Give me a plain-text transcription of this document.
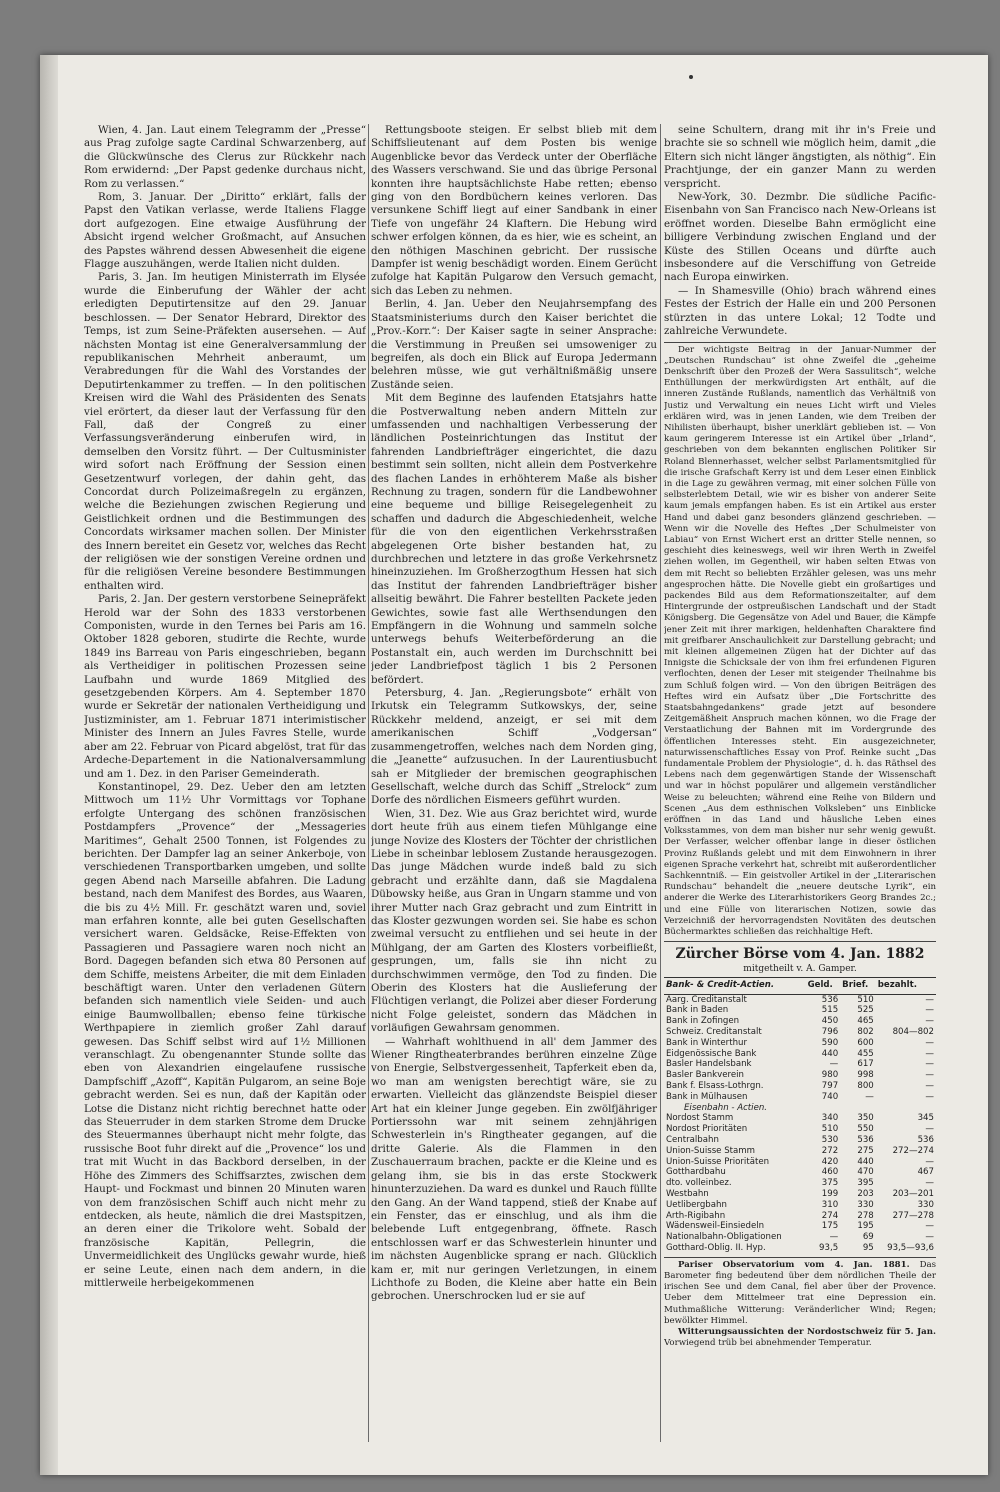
Wien, 4. Jan. Laut einem Telegramm der „Presse“ aus Prag zufolge sagte Cardinal Schwarzenberg, auf die Glückwünsche des Clerus zur Rückkehr nach Rom erwidernd: „Der Papst gedenke durchaus nicht, Rom zu verlassen.“

Rom, 3. Januar. Der „Diritto“ erklärt, falls der Papst den Vatikan verlasse, werde Italiens Flagge dort aufgezogen. Eine etwaige Ausführung der Absicht irgend welcher Großmacht, auf Ansuchen des Papstes während dessen Abwesenheit die eigene Flagge auszuhängen, werde Italien nicht dulden.

Paris, 3. Jan. Im heutigen Ministerrath im Elysée wurde die Einberufung der Wähler der acht erledigten Deputirtensitze auf den 29. Januar beschlossen. — Der Senator Hebrard, Direktor des Temps, ist zum Seine-Präfekten ausersehen. — Auf nächsten Montag ist eine Generalversammlung der republikanischen Mehrheit anberaumt, um Verabredungen für die Wahl des Vorstandes der Deputirtenkammer zu treffen. — In den politischen Kreisen wird die Wahl des Präsidenten des Senats viel erörtert, da dieser laut der Verfassung für den Fall, daß der Congreß zu einer Verfassungsveränderung einberufen wird, in demselben den Vorsitz führt. — Der Cultusminister wird sofort nach Eröffnung der Session einen Gesetzentwurf vorlegen, der dahin geht, das Concordat durch Polizeimaßregeln zu ergänzen, welche die Beziehungen zwischen Regierung und Geistlichkeit ordnen und die Bestimmungen des Concordats wirksamer machen sollen. Der Minister des Innern bereitet ein Gesetz vor, welches das Recht der religiösen wie der sonstigen Vereine ordnen und für die religiösen Vereine besondere Bestimmungen enthalten wird.

Paris, 2. Jan. Der gestern verstorbene Seinepräfekt Herold war der Sohn des 1833 verstorbenen Componisten, wurde in den Ternes bei Paris am 16. Oktober 1828 geboren, studirte die Rechte, wurde 1849 ins Barreau von Paris eingeschrieben, begann als Vertheidiger in politischen Prozessen seine Laufbahn und wurde 1869 Mitglied des gesetzgebenden Körpers. Am 4. September 1870 wurde er Sekretär der nationalen Vertheidigung und Justizminister, am 1. Februar 1871 interimistischer Minister des Innern an Jules Favres Stelle, wurde aber am 22. Februar von Picard abgelöst, trat für das Ardeche-Departement in die Nationalversammlung und am 1. Dez. in den Pariser Gemeinderath.

Konstantinopel, 29. Dez. Ueber den am letzten Mittwoch um 11½ Uhr Vormittags vor Tophane erfolgte Untergang des schönen französischen Postdampfers „Provence“ der „Messageries Maritimes“, Gehalt 2500 Tonnen, ist Folgendes zu berichten. Der Dampfer lag an seiner Ankerboje, von verschiedenen Transportbarken umgeben, und sollte gegen Abend nach Marseille abfahren. Die Ladung bestand, nach dem Manifest des Bordes, aus Waaren, die bis zu 4½ Mill. Fr. geschätzt waren und, soviel man erfahren konnte, alle bei guten Gesellschaften versichert waren. Geldsäcke, Reise-Effekten von Passagieren und Passagiere waren noch nicht an Bord. Dagegen befanden sich etwa 80 Personen auf dem Schiffe, meistens Arbeiter, die mit dem Einladen beschäftigt waren. Unter den verladenen Gütern befanden sich namentlich viele Seiden- und auch einige Baumwollballen; ebenso feine türkische Werthpapiere in ziemlich großer Zahl darauf gewesen. Das Schiff selbst wird auf 1½ Millionen veranschlagt. Zu obengenannter Stunde sollte das eben von Alexandrien eingelaufene russische Dampfschiff „Azoff“, Kapitän Pulgarom, an seine Boje gebracht werden. Sei es nun, daß der Kapitän oder Lotse die Distanz nicht richtig berechnet hatte oder das Steuerruder in dem starken Strome dem Drucke des Steuermannes überhaupt nicht mehr folgte, das russische Boot fuhr direkt auf die „Provence“ los und trat mit Wucht in das Backbord derselben, in der Höhe des Zimmers des Schiffsarztes, zwischen dem Haupt- und Fockmast und binnen 20 Minuten waren von dem französischen Schiff auch nicht mehr zu entdecken, als heute, nämlich die drei Mastspitzen, an deren einer die Trikolore weht. Sobald der französische Kapitän, Pellegrin, die Unvermeidlichkeit des Unglücks gewahr wurde, hieß er seine Leute, einen nach dem andern, in die mittlerweile herbeigekommenen

Rettungsboote steigen. Er selbst blieb mit dem Schiffslieutenant auf dem Posten bis wenige Augenblicke bevor das Verdeck unter der Oberfläche des Wassers verschwand. Sie und das übrige Personal konnten ihre hauptsächlichste Habe retten; ebenso ging von den Bordbüchern keines verloren. Das versunkene Schiff liegt auf einer Sandbank in einer Tiefe von ungefähr 24 Klaftern. Die Hebung wird schwer erfolgen können, da es hier, wie es scheint, an den nöthigen Maschinen gebricht. Der russische Dampfer ist wenig beschädigt worden. Einem Gerücht zufolge hat Kapitän Pulgarow den Versuch gemacht, sich das Leben zu nehmen.

Berlin, 4. Jan. Ueber den Neujahrsempfang des Staatsministeriums durch den Kaiser berichtet die „Prov.-Korr.“: Der Kaiser sagte in seiner Ansprache: die Verstimmung in Preußen sei umsoweniger zu begreifen, als doch ein Blick auf Europa Jedermann belehren müsse, wie gut verhältnißmäßig unsere Zustände seien.

Mit dem Beginne des laufenden Etatsjahrs hatte die Postverwaltung neben andern Mitteln zur umfassenden und nachhaltigen Verbesserung der ländlichen Posteinrichtungen das Institut der fahrenden Landbriefträger eingerichtet, die dazu bestimmt sein sollten, nicht allein dem Postverkehre des flachen Landes in erhöhterem Maße als bisher Rechnung zu tragen, sondern für die Landbewohner eine bequeme und billige Reisegelegenheit zu schaffen und dadurch die Abgeschiedenheit, welche für die von den eigentlichen Verkehrsstraßen abgelegenen Orte bisher bestanden hat, zu durchbrechen und letztere in das große Verkehrsnetz hineinzuziehen. Im Großherzogthum Hessen hat sich das Institut der fahrenden Landbriefträger bisher allseitig bewährt. Die Fahrer bestellten Packete jeden Gewichtes, sowie fast alle Werthsendungen den Empfängern in die Wohnung und sammeln solche unterwegs behufs Weiterbeförderung an die Postanstalt ein, auch werden im Durchschnitt bei jeder Landbriefpost täglich 1 bis 2 Personen befördert.

Petersburg, 4. Jan. „Regierungsbote“ erhält von Irkutsk ein Telegramm Sutkowskys, der, seine Rückkehr meldend, anzeigt, er sei mit dem amerikanischen Schiff „Vodgersan“ zusammengetroffen, welches nach dem Norden ging, die „Jeanette“ aufzusuchen. In der Laurentiusbucht sah er Mitglieder der bremischen geographischen Gesellschaft, welche durch das Schiff „Strelock“ zum Dorfe des nördlichen Eismeers geführt wurden.

Wien, 31. Dez. Wie aus Graz berichtet wird, wurde dort heute früh aus einem tiefen Mühlgange eine junge Novize des Klosters der Töchter der christlichen Liebe in scheinbar leblosem Zustande herausgezogen. Das junge Mädchen wurde indeß bald zu sich gebracht und erzählte dann, daß sie Magdalena Dübowsky heiße, aus Gran in Ungarn stamme und von ihrer Mutter nach Graz gebracht und zum Eintritt in das Kloster gezwungen worden sei. Sie habe es schon zweimal versucht zu entfliehen und sei heute in der Mühlgang, der am Garten des Klosters vorbeifließt, gesprungen, um, falls sie ihn nicht zu durchschwimmen vermöge, den Tod zu finden. Die Oberin des Klosters hat die Auslieferung der Flüchtigen verlangt, die Polizei aber dieser Forderung nicht Folge geleistet, sondern das Mädchen in vorläufigen Gewahrsam genommen.

— Wahrhaft wohlthuend in all' dem Jammer des Wiener Ringtheaterbrandes berühren einzelne Züge von Energie, Selbstvergessenheit, Tapferkeit eben da, wo man am wenigsten berechtigt wäre, sie zu erwarten. Vielleicht das glänzendste Beispiel dieser Art hat ein kleiner Junge gegeben. Ein zwölfjähriger Portierssohn war mit seinem zehnjährigen Schwesterlein in's Ringtheater gegangen, auf die dritte Galerie. Als die Flammen in den Zuschauerraum brachen, packte er die Kleine und es gelang ihm, sie bis in das erste Stockwerk hinunterzuziehen. Da ward es dunkel und Rauch füllte den Gang. An der Wand tappend, stieß der Knabe auf ein Fenster, das er einschlug, und als ihm die belebende Luft entgegenbrang, öffnete. Rasch entschlossen warf er das Schwesterlein hinunter und im nächsten Augenblicke sprang er nach. Glücklich kam er, mit nur geringen Verletzungen, in einem Lichthofe zu Boden, die Kleine aber hatte ein Bein gebrochen. Unerschrocken lud er sie auf

seine Schultern, drang mit ihr in's Freie und brachte sie so schnell wie möglich heim, damit „die Eltern sich nicht länger ängstigten, als nöthig“. Ein Prachtjunge, der ein ganzer Mann zu werden verspricht.

New-York, 30. Dezmbr. Die südliche Pacific-Eisenbahn von San Francisco nach New-Orleans ist eröffnet worden. Dieselbe Bahn ermöglicht eine billigere Verbindung zwischen England und der Küste des Stillen Oceans und dürfte auch insbesondere auf die Verschiffung von Getreide nach Europa einwirken.

— In Shamesville (Ohio) brach während eines Festes der Estrich der Halle ein und 200 Personen stürzten in das untere Lokal; 12 Todte und zahlreiche Verwundete.

Der wichtigste Beitrag in der Januar-Nummer der „Deutschen Rundschau“ ist ohne Zweifel die „geheime Denkschrift über den Prozeß der Wera Sassulitsch“, welche Enthüllungen der merkwürdigsten Art enthält, auf die inneren Zustände Rußlands, namentlich das Verhältniß von Justiz und Verwaltung ein neues Licht wirft und Vieles erklären wird, was in jenen Landen, wie dem Treiben der Nihilisten überhaupt, bisher unerklärt geblieben ist. — Von kaum geringerem Interesse ist ein Artikel über „Irland“, geschrieben von dem bekannten englischen Politiker Sir Roland Blennerhasset, welcher selbst Parlamentsmitglied für die irische Grafschaft Kerry ist und dem Leser einen Einblick in die Lage zu gewähren vermag, mit einer solchen Fülle von selbsterlebtem Detail, wie wir es bisher von anderer Seite kaum jemals empfangen haben. Es ist ein Artikel aus erster Hand und dabei ganz besonders glänzend geschrieben. — Wenn wir die Novelle des Heftes „Der Schulmeister von Labiau“ von Ernst Wichert erst an dritter Stelle nennen, so geschieht dies keineswegs, weil wir ihren Werth in Zweifel ziehen wollen, im Gegentheil, wir haben selten Etwas von dem mit Recht so beliebten Erzähler gelesen, was uns mehr angesprochen hätte. Die Novelle giebt ein großartiges und packendes Bild aus dem Reformationszeitalter, auf dem Hintergrunde der ostpreußischen Landschaft und der Stadt Königsberg. Die Gegensätze von Adel und Bauer, die Kämpfe jener Zeit mit ihrer markigen, heldenhaften Charaktere find mit greifbarer Anschaulichkeit zur Darstellung gebracht; und mit kleinen allgemeinen Zügen hat der Dichter auf das Innigste die Schicksale der von ihm frei erfundenen Figuren verflochten, denen der Leser mit steigender Theilnahme bis zum Schluß folgen wird. — Von den übrigen Beiträgen des Heftes wird ein Aufsatz über „Die Fortschritte des Staatsbahngedankens“ grade jetzt auf besondere Zeitgemäßheit Anspruch machen können, wo die Frage der Verstaatlichung der Bahnen mit im Vordergrunde des öffentlichen Interesses steht. Ein ausgezeichneter, naturwissenschaftliches Essay von Prof. Reinke sucht „Das fundamentale Problem der Physiologie“, d. h. das Räthsel des Lebens nach dem gegenwärtigen Stande der Wissenschaft und war in höchst populärer und allgemein verständlicher Weise zu beleuchten; während eine Reihe von Bildern und Scenen „Aus dem esthnischen Volksleben“ uns Einblicke eröffnen in das Land und häusliche Leben eines Volksstammes, von dem man bisher nur sehr wenig gewußt. Der Verfasser, welcher offenbar lange in dieser östlichen Provinz Rußlands gelebt und mit dem Einwohnern in ihrer eigenen Sprache verkehrt hat, schreibt mit außerordentlicher Sachkenntniß. — Ein geistvoller Artikel in der „Literarischen Rundschau“ behandelt die „neuere deutsche Lyrik“, ein anderer die Werke des Literarhistorikers Georg Brandes 2c.; und eine Fülle von literarischen Notizen, sowie das Verzeichniß der hervorragendsten Novitäten des deutschen Büchermarktes schließen das reichhaltige Heft.

Zürcher Börse vom 4. Jan. 1882
mitgetheilt v. A. Gamper.
Bank- & Credit-Actien.	Geld.	Brief.	bezahlt.
Aarg. Creditanstalt	536	510	—
Bank in Baden	515	525	—
Bank in Zofingen	450	465	—
Schweiz. Creditanstalt	796	802	804—802
Bank in Winterthur	590	600	—
Eidgenössische Bank	440	455	—
Basler Handelsbank	—	617	—
Basler Bankverein	980	998	—
Bank f. Elsass-Lothrgn.	797	800	—
Bank in Mülhausen	740	—	—
Eisenbahn - Actien.			
Nordost Stamm	340	350	345
Nordost Prioritäten	510	550	—
Centralbahn	530	536	536
Union-Suisse Stamm	272	275	272—274
Union-Suisse Prioritäten	420	440	—
Gotthardbahu	460	470	467
dto. volleinbez.	375	395	—
Westbahn	199	203	203—201
Uetlibergbahn	310	330	330
Arth-Rigibahn	274	278	277—278
Wädensweil-Einsiedeln	175	195	—
Nationalbahn-Obligationen	—	69	—
Gotthard-Oblig. II. Hyp.	93,5	95	93,5—93,6

Pariser Observatorium vom 4. Jan. 1881. Das Barometer fing bedeutend über dem nördlichen Theile der irischen See und dem Canal, fiel aber über der Provence. Ueber dem Mittelmeer trat eine Depression ein. Muthmaßliche Witterung: Veränderlicher Wind; Regen; bewölkter Himmel.

Witterungsaussichten der Nordostschweiz für 5. Jan. Vorwiegend trüb bei abnehmender Temperatur.
